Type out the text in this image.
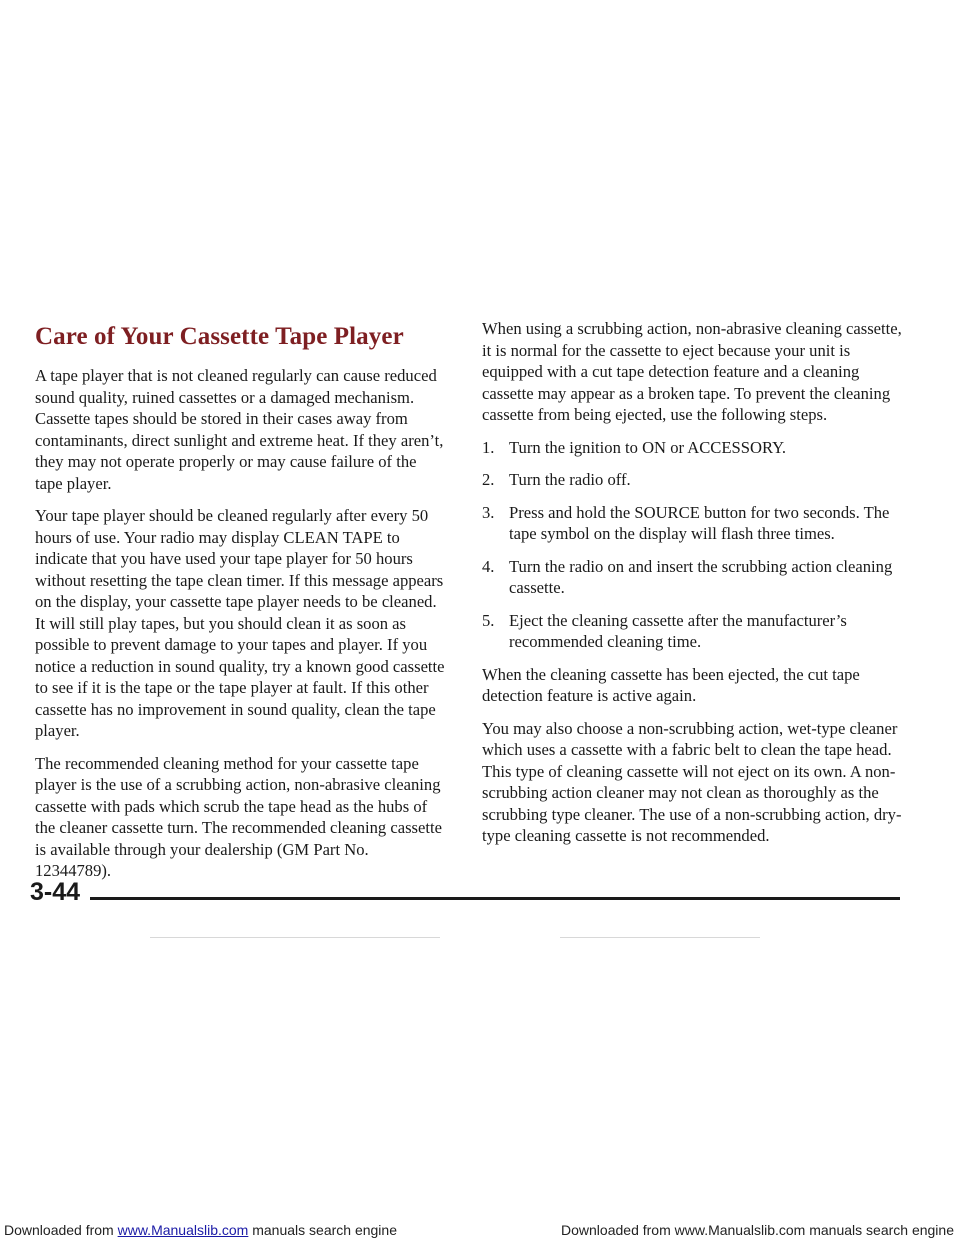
Care of Your Cassette Tape Player

A tape player that is not cleaned regularly can cause reduced sound quality, ruined cassettes or a damaged mechanism. Cassette tapes should be stored in their cases away from contaminants, direct sunlight and extreme heat. If they aren’t, they may not operate properly or may cause failure of the tape player.

Your tape player should be cleaned regularly after every 50 hours of use. Your radio may display CLEAN TAPE to indicate that you have used your tape player for 50 hours without resetting the tape clean timer. If this message appears on the display, your cassette tape player needs to be cleaned. It will still play tapes, but you should clean it as soon as possible to prevent damage to your tapes and player. If you notice a reduction in sound quality, try a known good cassette to see if it is the tape or the tape player at fault. If this other cassette has no improvement in sound quality, clean the tape player.

The recommended cleaning method for your cassette tape player is the use of a scrubbing action, non-abrasive cleaning cassette with pads which scrub the tape head as the hubs of the cleaner cassette turn. The recommended cleaning cassette is available through your dealership (GM Part No. 12344789).

When using a scrubbing action, non-abrasive cleaning cassette, it is normal for the cassette to eject because your unit is equipped with a cut tape detection feature and a cleaning cassette may appear as a broken tape. To prevent the cleaning cassette from being ejected, use the following steps.

1. Turn the ignition to ON or ACCESSORY.
2. Turn the radio off.
3. Press and hold the SOURCE button for two seconds. The tape symbol on the display will flash three times.
4. Turn the radio on and insert the scrubbing action cleaning cassette.
5. Eject the cleaning cassette after the manufacturer’s recommended cleaning time.

When the cleaning cassette has been ejected, the cut tape detection feature is active again.

You may also choose a non-scrubbing action, wet-type cleaner which uses a cassette with a fabric belt to clean the tape head. This type of cleaning cassette will not eject on its own. A non-scrubbing action cleaner may not clean as thoroughly as the scrubbing type cleaner. The use of a non-scrubbing action, dry-type cleaning cassette is not recommended.

3-44
Downloaded from www.Manualslib.com manuals search engine	Downloaded from www.Manualslib.com manuals search engine
